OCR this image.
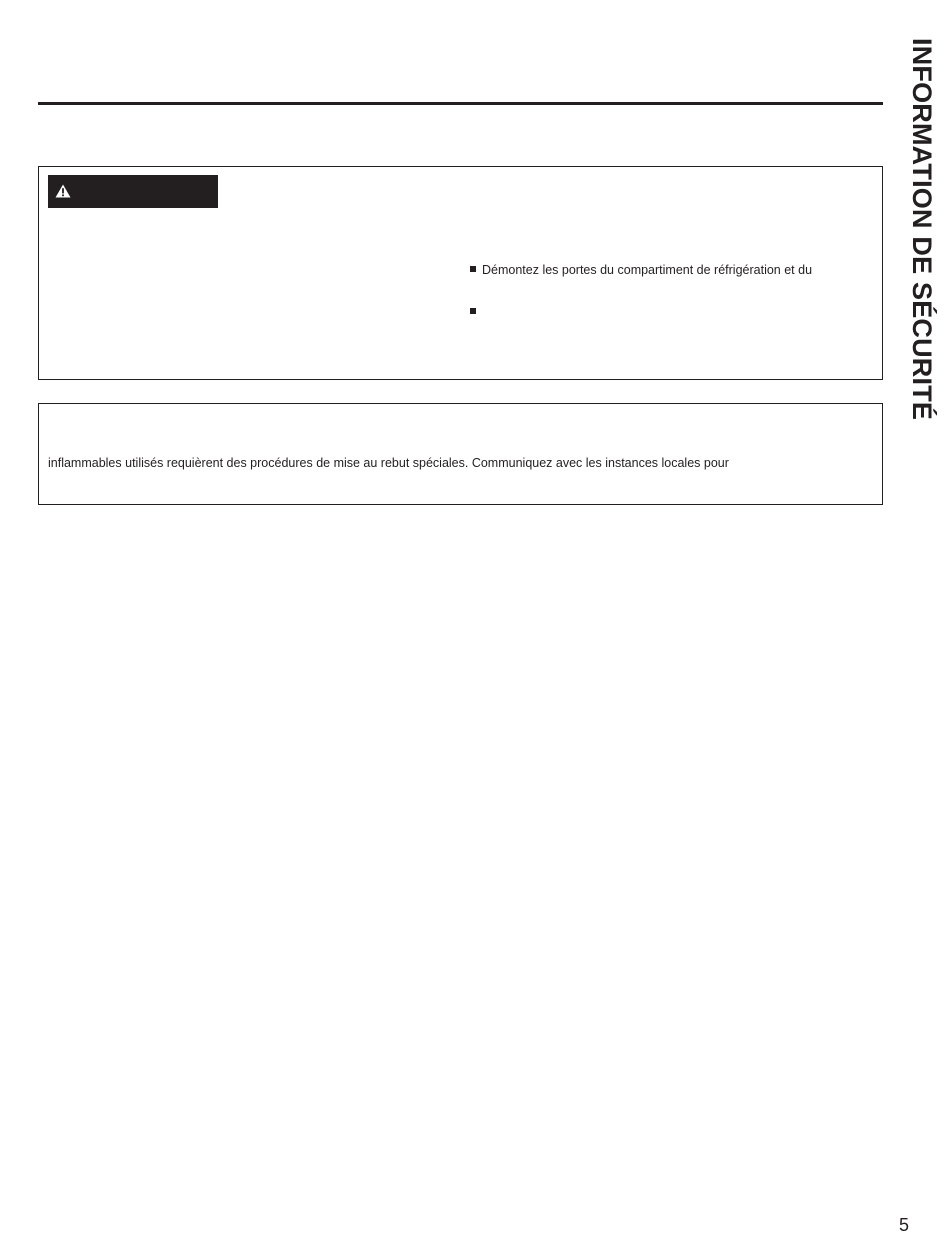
Démontez les portes du compartiment de réfrigération et du
inflammables utilisés requièrent des procédures de mise au rebut spéciales. Communiquez avec les instances locales pour
INFORMATION DE SÉCURITÉ
5
